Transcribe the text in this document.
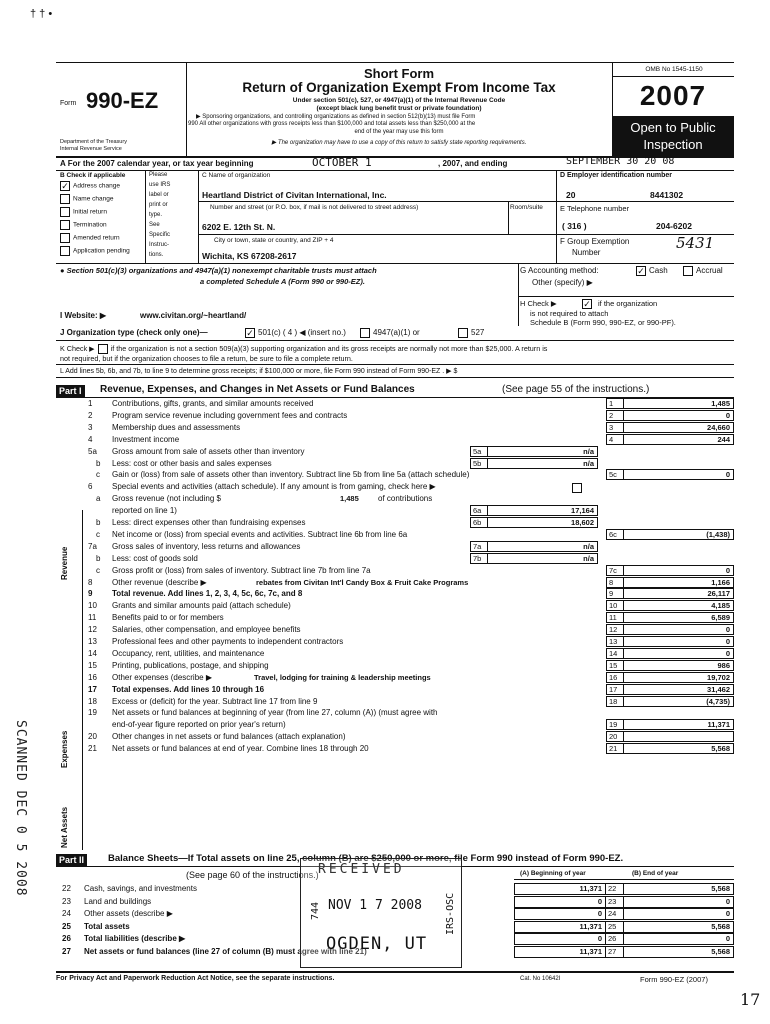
† † •
Form 990-EZ
Department of the Treasury
Internal Revenue Service
Short Form
Return of Organization Exempt From Income Tax
Under section 501(c), 527, or 4947(a)(1) of the Internal Revenue Code
(except black lung benefit trust or private foundation)
▶ Sponsoring organizations, and controlling organizations as defined in section 512(b)(13) must file Form
990 All other organizations with gross receipts less than $100,000 and total assets less than $250,000 at the
end of the year may use this form
▶ The organization may have to use a copy of this return to satisfy state reporting requirements.
OMB No 1545-1150
2007
Open to Public
Inspection
A For the 2007 calendar year, or tax year beginning	OCTOBER 1	, 2007, and ending	SEPTEMBER 30 20 08
B Check if applicable
✓Address change
Name change
Initial return
Termination
Amended return
Application pending
Please
use IRS
label or
print or
type.
See
Specific
Instruc-
tions.
C Name of organization
Heartland District of Civitan International, Inc.
Number and street (or P.O. box, if mail is not delivered to street address)	Room/suite
6202 E. 12th St. N.
City or town, state or country, and ZIP + 4
Wichita, KS 67208-2617
D Employer identification number
20	8441302
E Telephone number
( 316 )	204-6202
F Group Exemption
Number
5431
● Section 501(c)(3) organizations and 4947(a)(1) nonexempt charitable trusts must attach
a completed Schedule A (Form 990 or 990-EZ).
G Accounting method: ✓	Cash	Accrual
Other (specify) ▶
H Check ▶ ✓	if the organization
is not required to attach
Schedule B (Form 990, 990-EZ, or 990-PF).
I Website: ▶	www.civitan.org/~heartland/
J Organization type (check only one)— ✓	501(c) ( 4 ) ◀ (insert no.)	4947(a)(1) or	527
K Check ▶ if the organization is not a section 509(a)(3) supporting organization and its gross receipts are normally not more than $25,000. A return is
not required, but if the organization chooses to file a return, be sure to file a complete return.
L Add lines 5b, 6b, and 7b, to line 9 to determine gross receipts; if $100,000 or more, file Form 990 instead of Form 990-EZ . ▶ $
Part I	Revenue, Expenses, and Changes in Net Assets or Fund Balances	(See page 55 of the instructions.)
1 Contributions, gifts, grants, and similar amounts received	1	1,485
2 Program service revenue including government fees and contracts	2	0
3 Membership dues and assessments	3	24,660
4 Investment income	4	244
5a Gross amount from sale of assets other than inventory	5a	n/a
b Less: cost or other basis and sales expenses	5b	n/a
c Gain or (loss) from sale of assets other than inventory. Subtract line 5b from line 5a (attach schedule)	5c	0
6 Special events and activities (attach schedule). If any amount is from gaming, check here ▶
a Gross revenue (not including $	1,485 of contributions
reported on line 1)	6a	17,164
b Less: direct expenses other than fundraising expenses	6b	18,602
c Net income or (loss) from special events and activities. Subtract line 6b from line 6a	6c	(1,438)
7a Gross sales of inventory, less returns and allowances	7a	n/a
b Less: cost of goods sold	7b	n/a
c Gross profit or (loss) from sales of inventory. Subtract line 7b from line 7a	7c	0
8 Other revenue (describe ▶	rebates from Civitan Int'l Candy Box & Fruit Cake Programs	8	1,166
9 Total revenue. Add lines 1, 2, 3, 4, 5c, 6c, 7c, and 8	9	26,117
10 Grants and similar amounts paid (attach schedule)	10	4,185
11 Benefits paid to or for members	11	6,589
12 Salaries, other compensation, and employee benefits	12	0
13 Professional fees and other payments to independent contractors	13	0
14 Occupancy, rent, utilities, and maintenance	14	0
15 Printing, publications, postage, and shipping	15	986
16 Other expenses (describe ▶	Travel, lodging for training & leadership meetings	16	19,702
17 Total expenses. Add lines 10 through 16	17	31,462
18 Excess or (deficit) for the year. Subtract line 17 from line 9	18	(4,735)
19 Net assets or fund balances at beginning of year (from line 27, column (A)) (must agree with
end-of-year figure reported on prior year's return)	19	11,371
20 Other changes in net assets or fund balances (attach explanation)	20
21 Net assets or fund balances at end of year. Combine lines 18 through 20	21	5,568
Revenue
Expenses
Net Assets
Part II	Balance Sheets—If Total assets on line 25, column (B) are $250,000 or more, file Form 990 instead of Form 990-EZ.
(See page 60 of the instructions.)	(A) Beginning of year	(B) End of year
22 Cash, savings, and investments	11,371 22	5,568
23 Land and buildings	0 23	0
24 Other assets (describe ▶	0 24	0
25 Total assets	11,371 25	5,568
26 Total liabilities (describe ▶	0 26	0
27 Net assets or fund balances (line 27 of column (B) must agree with line 21)	11,371 27	5,568
For Privacy Act and Paperwork Reduction Act Notice, see the separate instructions.	Cat. No 10642I	Form 990-EZ (2007)
17
RECEIVED
NOV 1 7 2008
OGDEN, UT
744	IRS-OSC
SCANNED DEC 0 5 2008
